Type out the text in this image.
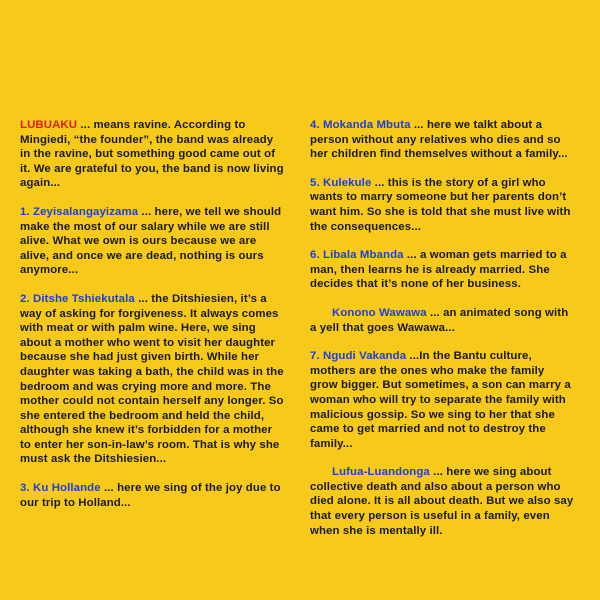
LUBUAKU ... means ravine. According to Mingiedi, “the founder”, the band was already in the ravine, but something good came out of it. We are grateful to you, the band is now living again...

1. Zeyisalangayizama ... here, we tell we should make the most of our salary while we are still alive. What we own is ours because we are alive, and once we are dead, nothing is ours anymore...

2. Ditshe Tshiekutala ... the Ditshiesien, it’s a way of asking for forgiveness. It always comes with meat or with palm wine. Here, we sing about a mother who went to visit her daughter because she had just given birth. While her daughter was taking a bath, the child was in the bedroom and was crying more and more. The mother could not contain herself any longer. So she entered the bedroom and held the child, although she knew it’s forbidden for a mother to enter her son-in-law’s room. That is why she must ask the Ditshiesien...

3. Ku Hollande ... here we sing of the joy due to our trip to Holland...

4. Mokanda Mbuta ... here we talkt about a person without any relatives who dies and so her children find themselves without a family...

5. Kulekule ... this is the story of a girl who wants to marry someone but her parents don’t want him. So she is told that she must live with the consequences...

6. Libala Mbanda ... a woman gets married to a man, then learns he is already married. She decides that it’s none of her business.

Konono Wawawa ... an animated song with a yell that goes Wawawa...

7. Ngudi Vakanda ...In the Bantu culture, mothers are the ones who make the family grow bigger. But sometimes, a son can marry a woman who will try to separate the family with malicious gossip. So we sing to her that she came to get married and not to destroy the family...

Lufua-Luandonga ... here we sing about collective death and also about a person who died alone. It is all about death. But we also say that every person is useful in a family, even when she is mentally ill.
